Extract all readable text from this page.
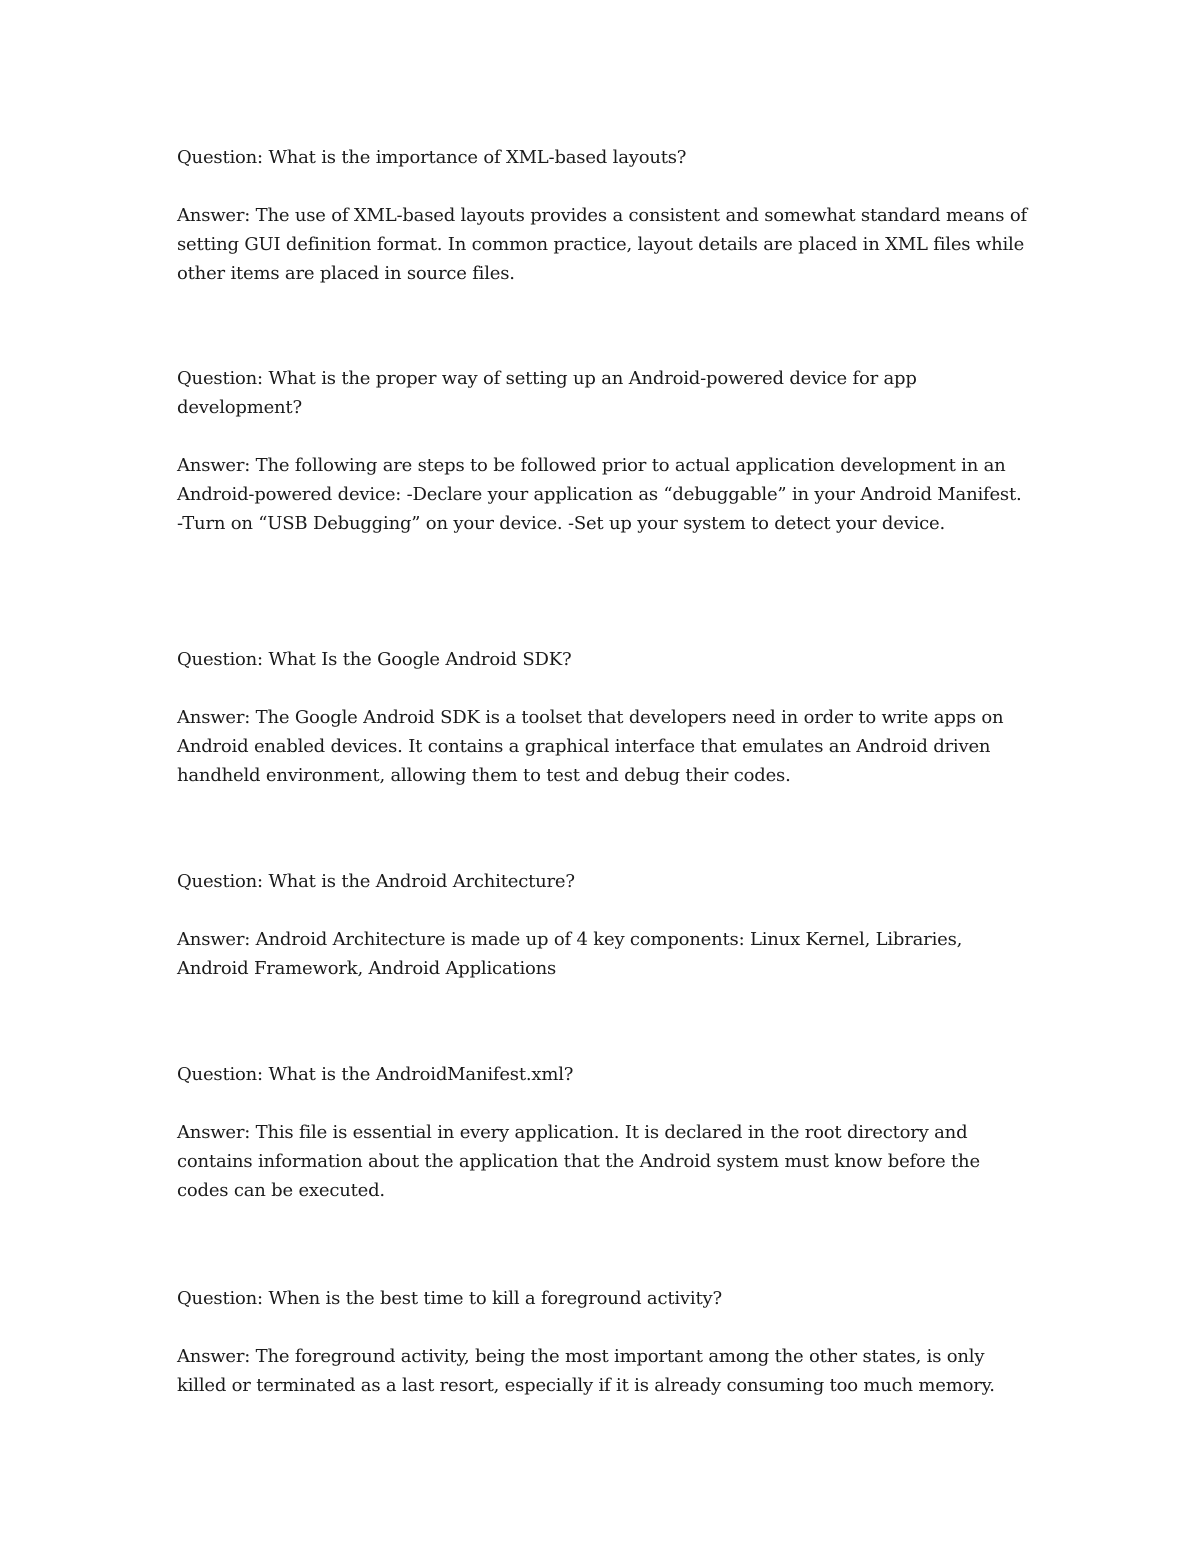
Question: What is the importance of XML-based layouts?

Answer: The use of XML-based layouts provides a consistent and somewhat standard means of setting GUI definition format. In common practice, layout details are placed in XML files while other items are placed in source files.

Question: What is the proper way of setting up an Android-powered device for app development?

Answer: The following are steps to be followed prior to actual application development in an Android-powered device: -Declare your application as “debuggable” in your Android Manifest. -Turn on “USB Debugging” on your device. -Set up your system to detect your device.

Question: What Is the Google Android SDK?

Answer: The Google Android SDK is a toolset that developers need in order to write apps on Android enabled devices. It contains a graphical interface that emulates an Android driven handheld environment, allowing them to test and debug their codes.

Question: What is the Android Architecture?

Answer: Android Architecture is made up of 4 key components: Linux Kernel, Libraries, Android Framework, Android Applications

Question: What is the AndroidManifest.xml?

Answer: This file is essential in every application. It is declared in the root directory and contains information about the application that the Android system must know before the codes can be executed.

Question: When is the best time to kill a foreground activity?

Answer: The foreground activity, being the most important among the other states, is only killed or terminated as a last resort, especially if it is already consuming too much memory.
